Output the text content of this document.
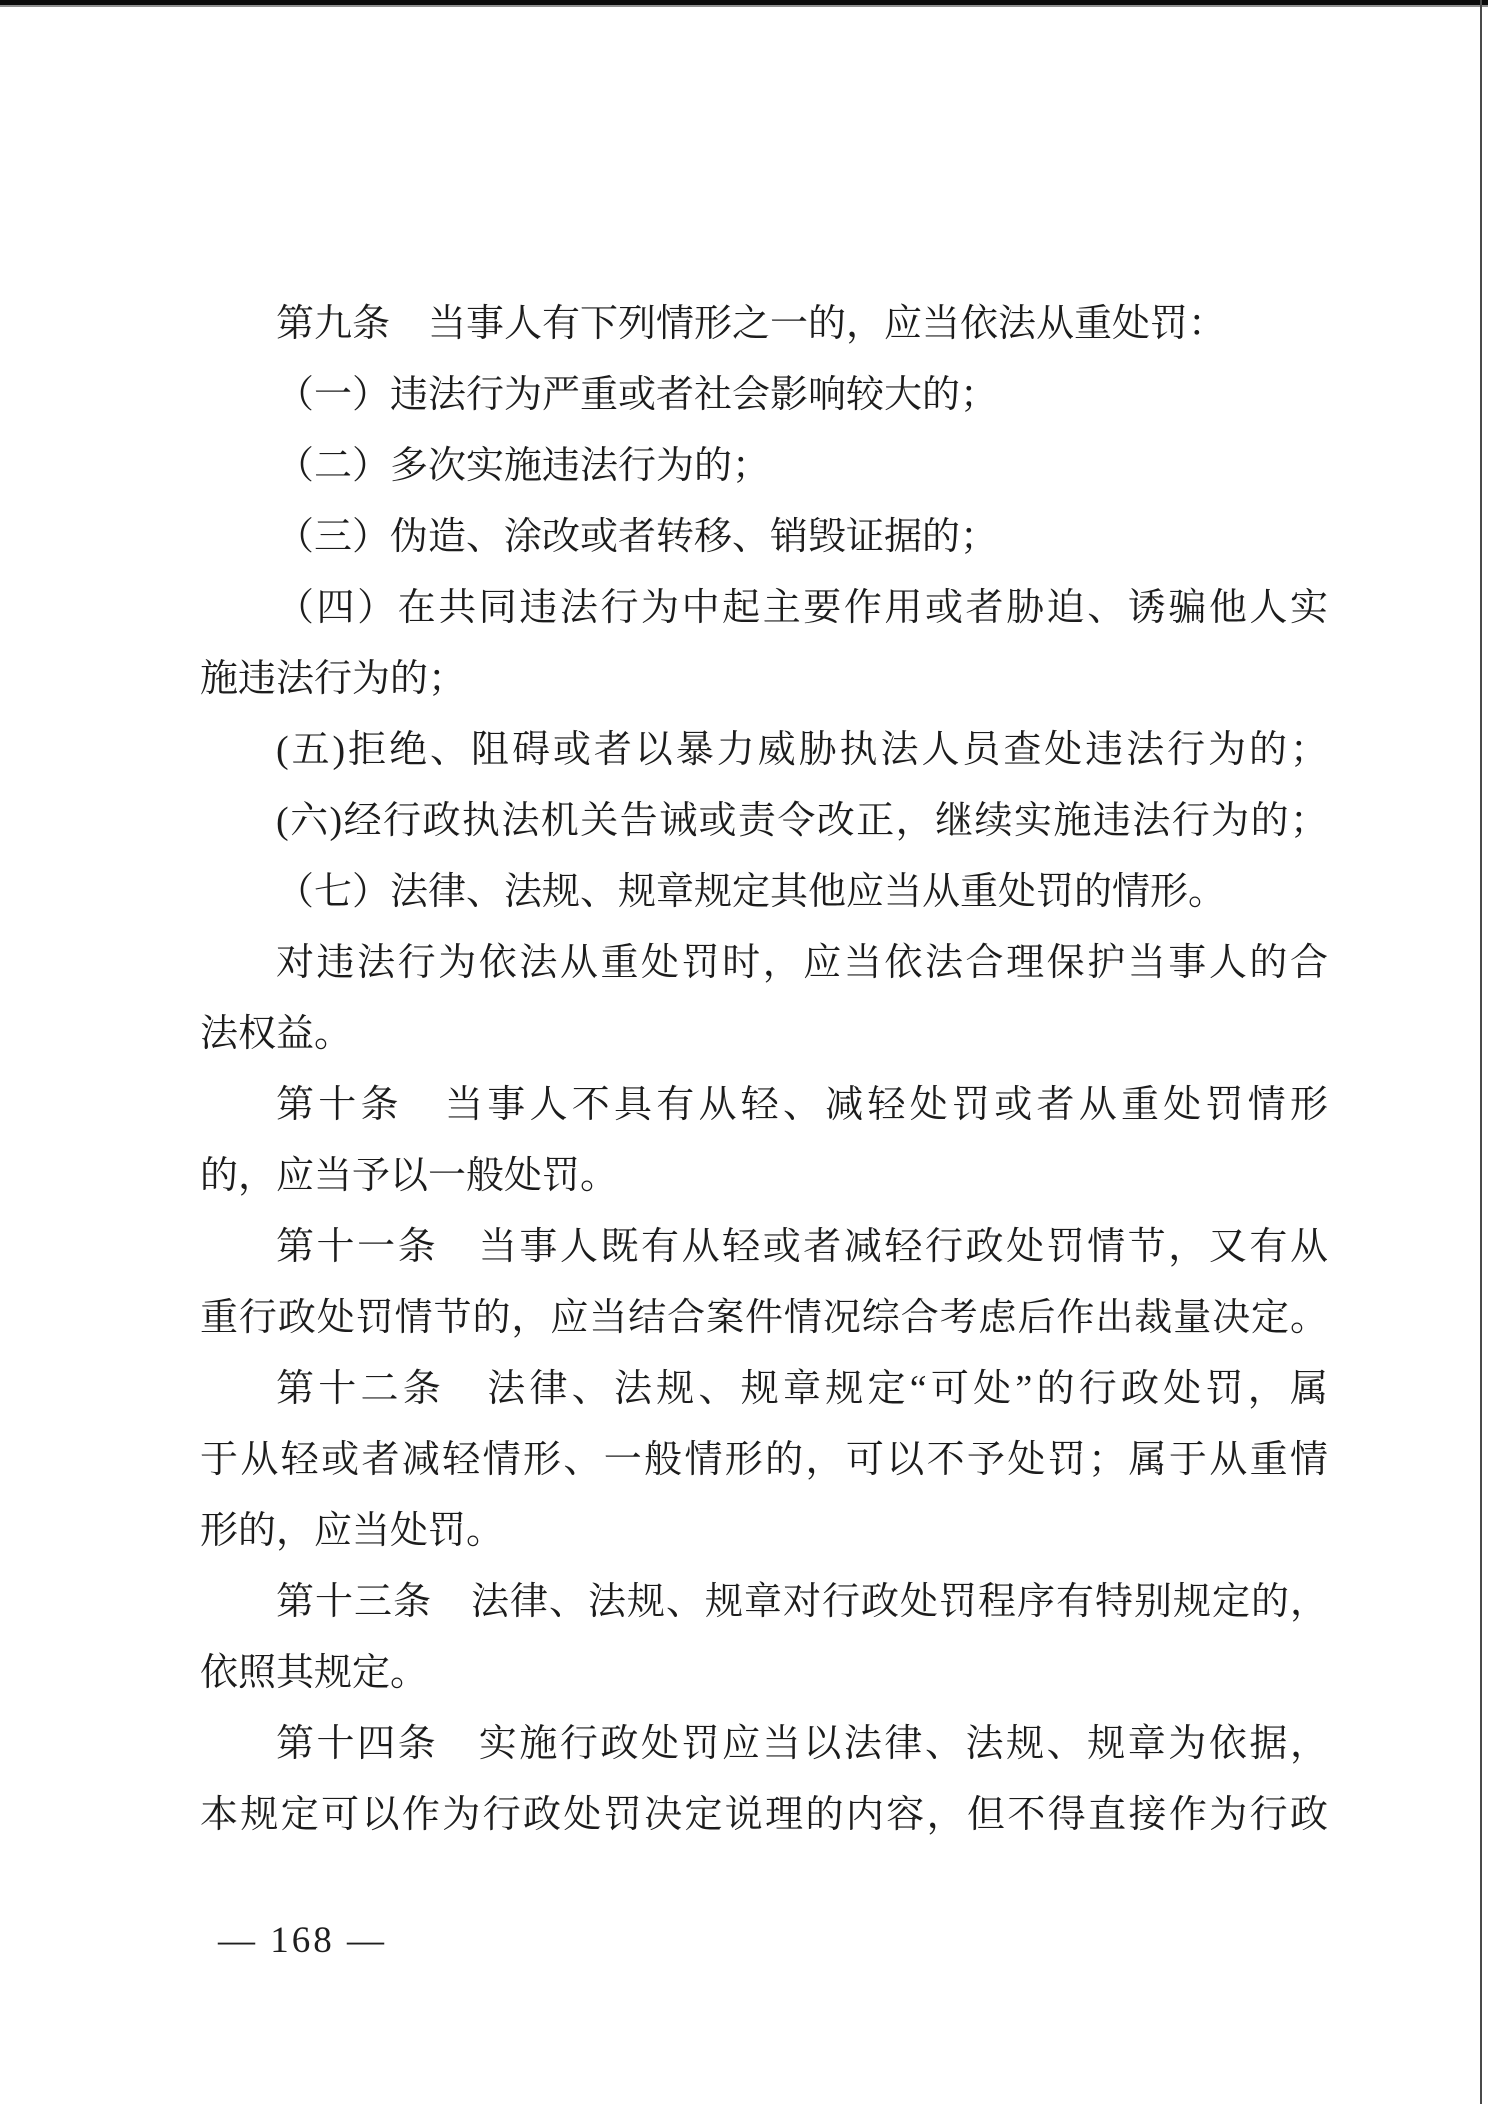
第九条　当事人有下列情形之一的，应当依法从重处罚：
（一）违法行为严重或者社会影响较大的；
（二）多次实施违法行为的；
（三）伪造、涂改或者转移、销毁证据的；
（四）在共同违法行为中起主要作用或者胁迫、诱骗他人实
施违法行为的；
(五)拒绝、阻碍或者以暴力威胁执法人员查处违法行为的；
(六)经行政执法机关告诫或责令改正，继续实施违法行为的；
（七）法律、法规、规章规定其他应当从重处罚的情形。
对违法行为依法从重处罚时，应当依法合理保护当事人的合
法权益。
第十条　当事人不具有从轻、减轻处罚或者从重处罚情形
的，应当予以一般处罚。
第十一条　当事人既有从轻或者减轻行政处罚情节，又有从
重行政处罚情节的，应当结合案件情况综合考虑后作出裁量决定。
第十二条　法律、法规、规章规定“可处”的行政处罚，属
于从轻或者减轻情形、一般情形的，可以不予处罚；属于从重情
形的，应当处罚。
第十三条　法律、法规、规章对行政处罚程序有特别规定的，
依照其规定。
第十四条　实施行政处罚应当以法律、法规、规章为依据，
本规定可以作为行政处罚决定说理的内容，但不得直接作为行政
— 168 —
